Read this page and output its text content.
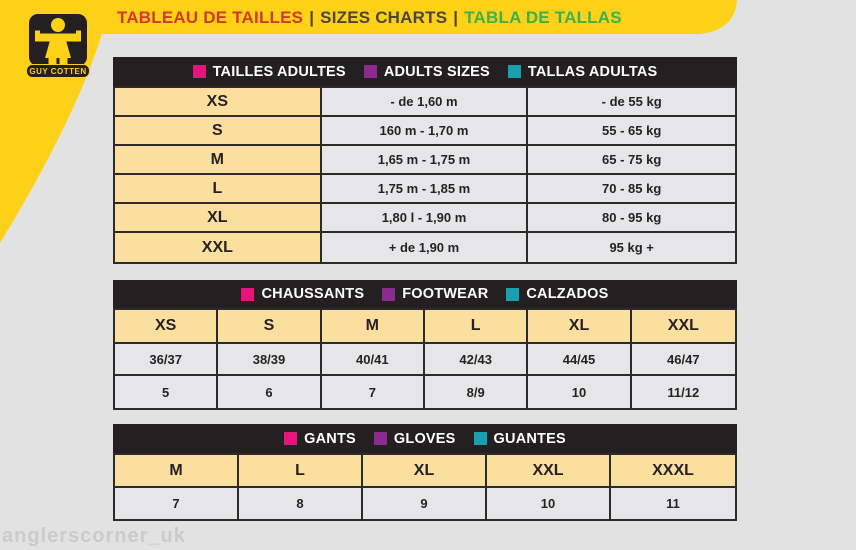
GUY COTTEN
TABLEAU DE TAILLES | SIZES CHARTS | TABLA DE TALLAS
TAILLES ADULTES	ADULTS SIZES	TALLAS ADULTAS
XS	- de 1,60 m	- de 55 kg
S	160 m - 1,70 m	55 - 65 kg
M	1,65 m - 1,75 m	65 - 75 kg
L	1,75 m - 1,85 m	70 - 85 kg
XL	1,80 l - 1,90 m	80 - 95 kg
XXL	+ de 1,90 m	95 kg +
CHAUSSANTS	FOOTWEAR	CALZADOS
XS	S	M	L	XL	XXL
36/37	38/39	40/41	42/43	44/45	46/47
5	6	7	8/9	10	11/12
GANTS	GLOVES	GUANTES
M	L	XL	XXL	XXXL
7	8	9	10	11
anglerscorner_uk
